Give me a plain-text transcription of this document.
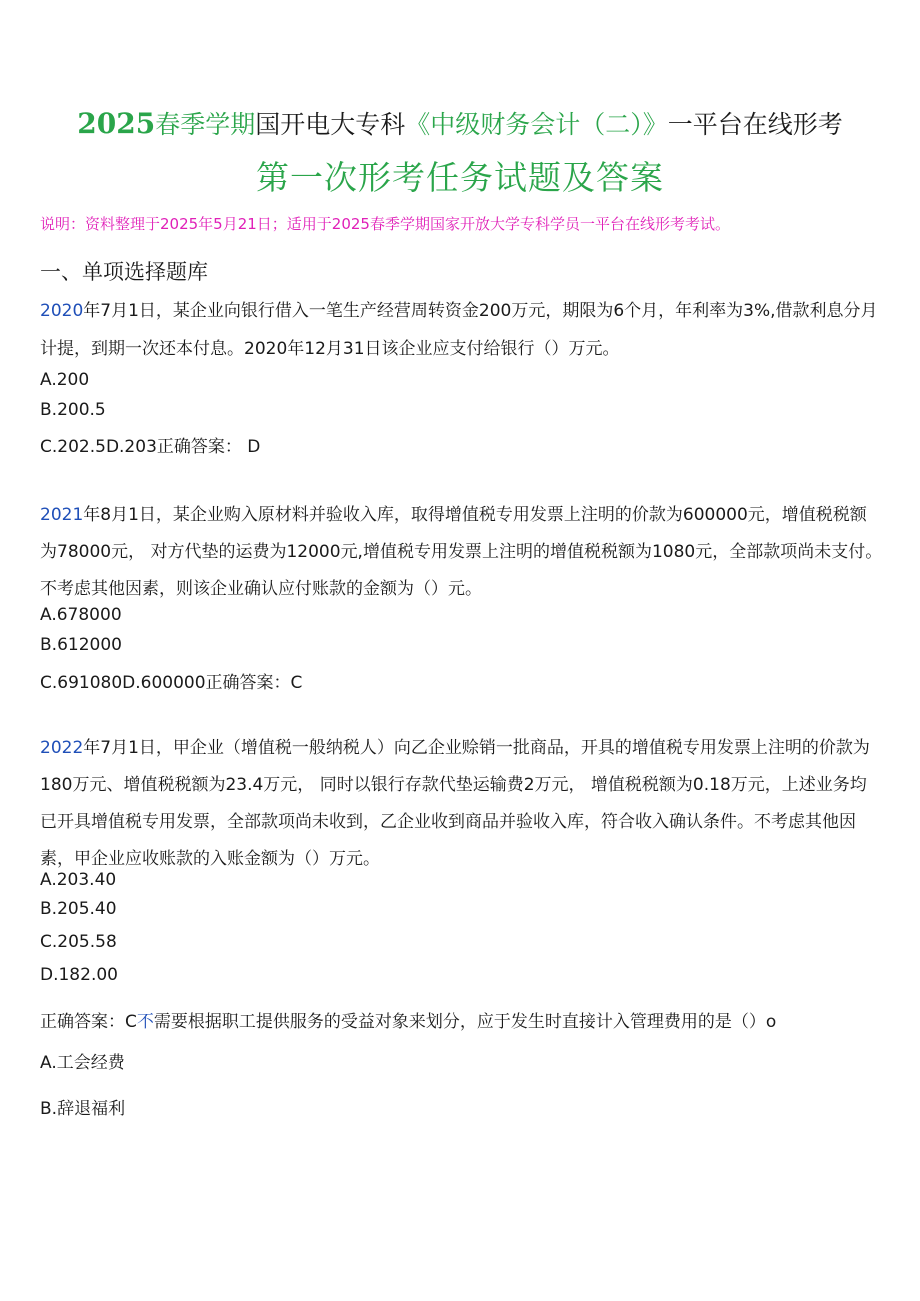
2025春季学期国开电大专科《中级财务会计（二）》一平台在线形考
第一次形考任务试题及答案
说明：资料整理于2025年5月21日；适用于2025春季学期国家开放大学专科学员一平台在线形考考试。
一、单项选择题库
2020年7月1日，某企业向银行借入一笔生产经营周转资金200万元，期限为6个月，年利率为3%,借款利息分月
计提，到期一次还本付息。2020年12月31日该企业应支付给银行（）万元。
A.200
B.200.5
C.202.5D.203正确答案： D
2021年8月1日，某企业购入原材料并验收入库，取得增值税专用发票上注明的价款为600000元，增值税税额
为78000元， 对方代垫的运费为12000元,增值税专用发票上注明的增值税税额为1080元，全部款项尚未支付。
不考虑其他因素，则该企业确认应付账款的金额为（）元。
A.678000
B.612000
C.691080D.600000正确答案：C
2022年7月1日，甲企业（增值税一般纳税人）向乙企业赊销一批商品，开具的增值税专用发票上注明的价款为
180万元、增值税税额为23.4万元， 同时以银行存款代垫运输费2万元， 增值税税额为0.18万元，上述业务均
已开具增值税专用发票，全部款项尚未收到，乙企业收到商品并验收入库，符合收入确认条件。不考虑其他因
素，甲企业应收账款的入账金额为（）万元。
A.203.40
B.205.40
C.205.58
D.182.00
正确答案：C不需要根据职工提供服务的受益对象来划分，应于发生时直接计入管理费用的是（）o
A.工会经费
B.辞退福利
